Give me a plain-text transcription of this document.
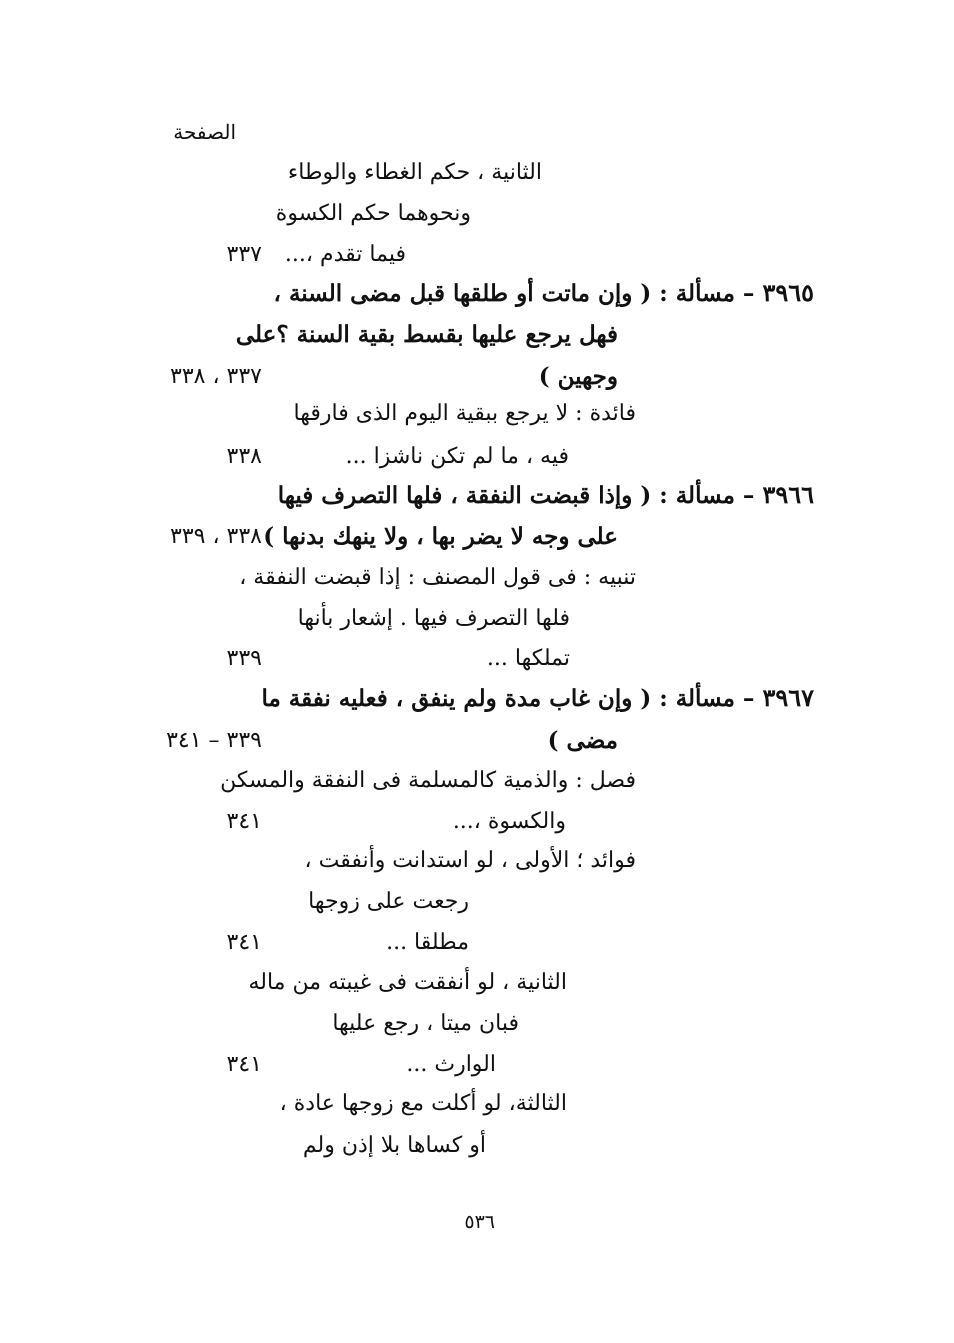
الصفحة
الثانية ، حكم الغطاء والوطاء
ونحوهما حكم الكسوة
فيما تقدم ،...
٣٣٧
٣٩٦٥ – مسألة : ( وإن ماتت أو طلقها قبل مضى السنة ،
فهل يرجع عليها بقسط بقية السنة ؟على
وجهين )
٣٣٧ ، ٣٣٨
فائدة : لا يرجع ببقية اليوم الذى فارقها
فيه ، ما لم تكن ناشزا ...
٣٣٨
٣٩٦٦ – مسألة : ( وإذا قبضت النفقة ، فلها التصرف فيها
على وجه لا يضر بها ، ولا ينهك بدنها )
٣٣٨ ، ٣٣٩
تنبيه : فى قول المصنف : إذا قبضت النفقة ،
فلها التصرف فيها . إشعار بأنها
تملكها ...
٣٣٩
٣٩٦٧ – مسألة : ( وإن غاب مدة ولم ينفق ، فعليه نفقة ما
مضى )
٣٣٩ – ٣٤١
فصل : والذمية كالمسلمة فى النفقة والمسكن
والكسوة ،...
٣٤١
فوائد ؛ الأولى ، لو استدانت وأنفقت ،
رجعت على زوجها
مطلقا ...
٣٤١
الثانية ، لو أنفقت فى غيبته من ماله
فبان ميتا ، رجع عليها
الوارث ...
٣٤١
الثالثة، لو أكلت مع زوجها عادة ،
أو كساها بلا إذن ولم
٥٣٦
